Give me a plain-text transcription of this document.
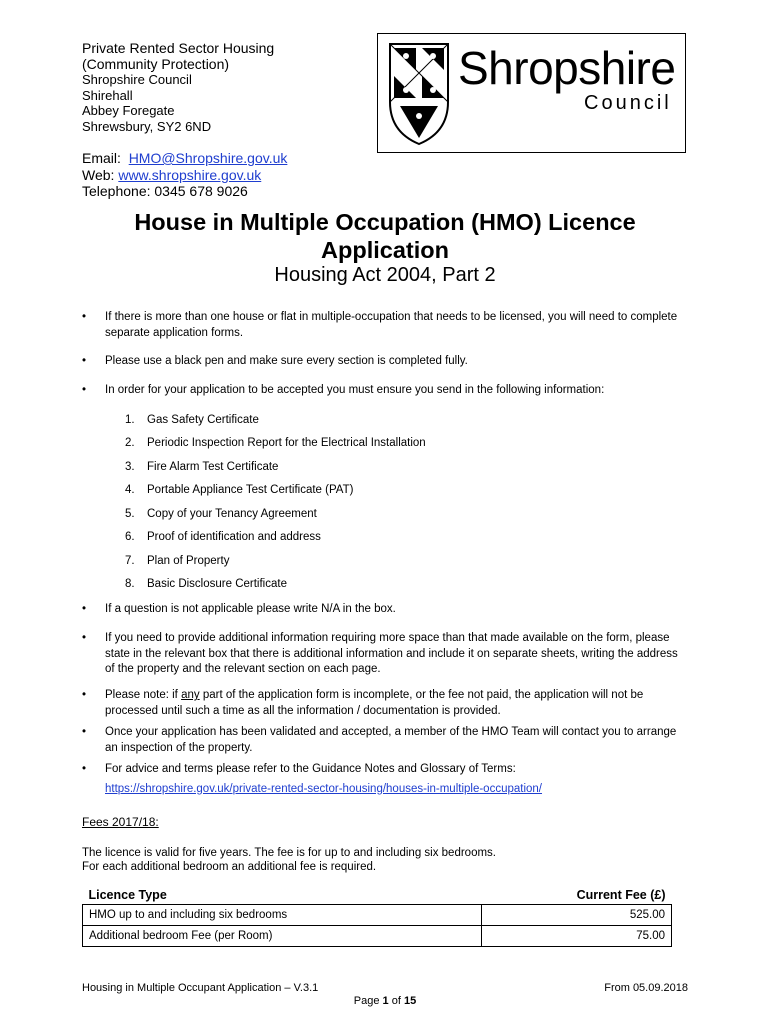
Private Rented Sector Housing
(Community Protection)
Shropshire Council
Shirehall
Abbey Foregate
Shrewsbury, SY2 6ND
Shropshire
Council
Email: HMO@Shropshire.gov.uk
Web: www.shropshire.gov.uk
Telephone: 0345 678 9026
House in Multiple Occupation (HMO) Licence
Application
Housing Act 2004, Part 2
• If there is more than one house or flat in multiple-occupation that needs to be licensed, you will need to complete separate application forms.
• Please use a black pen and make sure every section is completed fully.
• In order for your application to be accepted you must ensure you send in the following information:
1. Gas Safety Certificate
2. Periodic Inspection Report for the Electrical Installation
3. Fire Alarm Test Certificate
4. Portable Appliance Test Certificate (PAT)
5. Copy of your Tenancy Agreement
6. Proof of identification and address
7. Plan of Property
8. Basic Disclosure Certificate
• If a question is not applicable please write N/A in the box.
• If you need to provide additional information requiring more space than that made available on the form, please state in the relevant box that there is additional information and include it on separate sheets, writing the address of the property and the relevant section on each page.
• Please note: if any part of the application form is incomplete, or the fee not paid, the application will not be processed until such a time as all the information / documentation is provided.
• Once your application has been validated and accepted, a member of the HMO Team will contact you to arrange an inspection of the property.
• For advice and terms please refer to the Guidance Notes and Glossary of Terms:
https://shropshire.gov.uk/private-rented-sector-housing/houses-in-multiple-occupation/
Fees 2017/18:
The licence is valid for five years. The fee is for up to and including six bedrooms.
For each additional bedroom an additional fee is required.
Licence Type	Current Fee (£)
HMO up to and including six bedrooms	525.00
Additional bedroom Fee (per Room)	75.00
Housing in Multiple Occupant Application – V.3.1	From 05.09.2018
Page 1 of 15
